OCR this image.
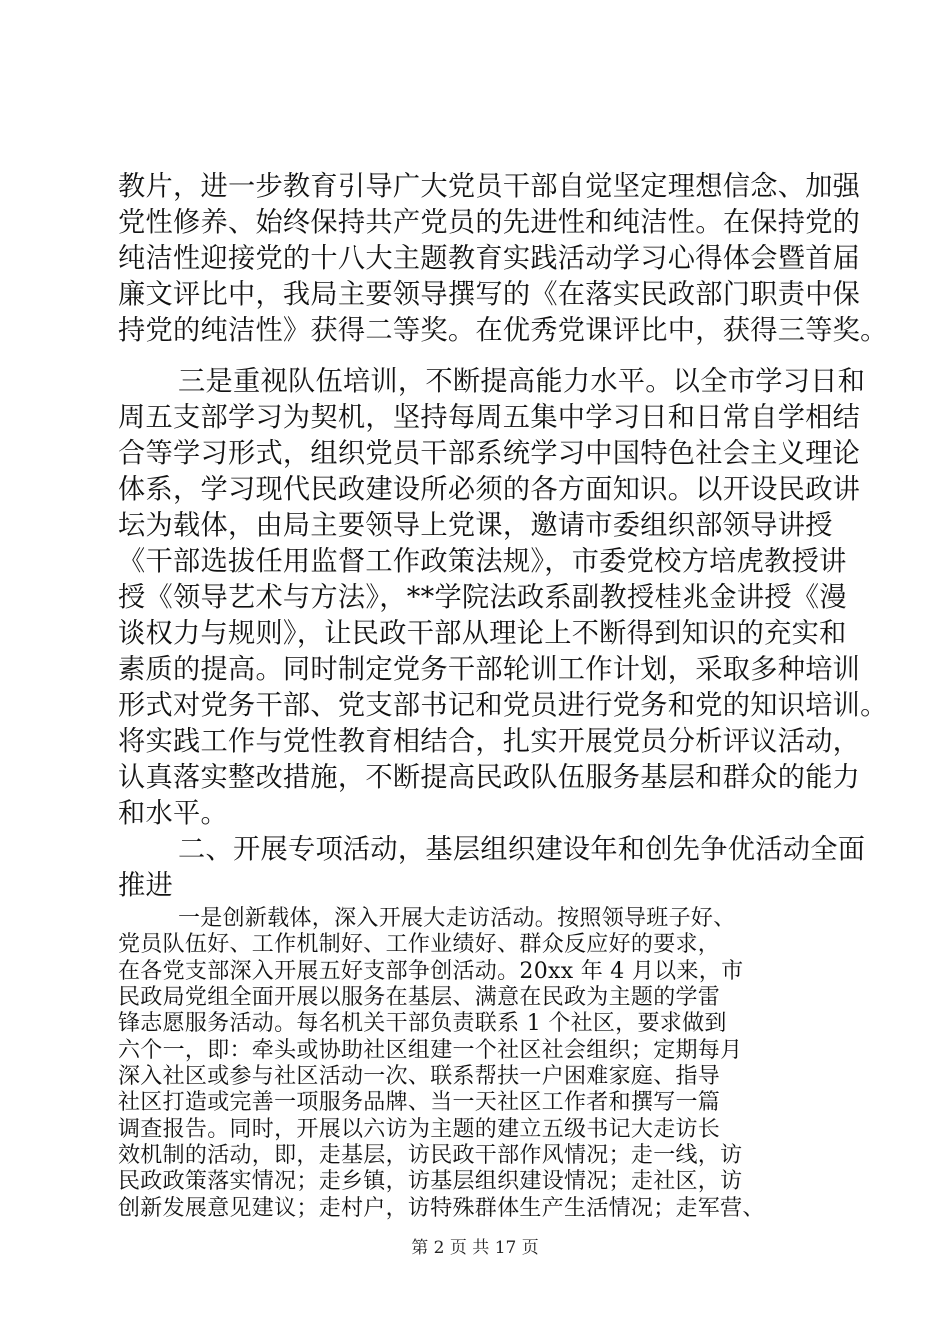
教片，进一步教育引导广大党员干部自觉坚定理想信念、加强
党性修养、始终保持共产党员的先进性和纯洁性。在保持党的
纯洁性迎接党的十八大主题教育实践活动学习心得体会暨首届
廉文评比中，我局主要领导撰写的《在落实民政部门职责中保
持党的纯洁性》获得二等奖。在优秀党课评比中，获得三等奖。
三是重视队伍培训，不断提高能力水平。以全市学习日和
周五支部学习为契机，坚持每周五集中学习日和日常自学相结
合等学习形式，组织党员干部系统学习中国特色社会主义理论
体系，学习现代民政建设所必须的各方面知识。以开设民政讲
坛为载体，由局主要领导上党课，邀请市委组织部领导讲授
《干部选拔任用监督工作政策法规》，市委党校方培虎教授讲
授《领导艺术与方法》，**学院法政系副教授桂兆金讲授《漫
谈权力与规则》，让民政干部从理论上不断得到知识的充实和
素质的提高。同时制定党务干部轮训工作计划，采取多种培训
形式对党务干部、党支部书记和党员进行党务和党的知识培训。
将实践工作与党性教育相结合，扎实开展党员分析评议活动，
认真落实整改措施，不断提高民政队伍服务基层和群众的能力
和水平。
二、开展专项活动，基层组织建设年和创先争优活动全面
推进
一是创新载体，深入开展大走访活动。按照领导班子好、
党员队伍好、工作机制好、工作业绩好、群众反应好的要求，
在各党支部深入开展五好支部争创活动。20xx 年 4 月以来，市
民政局党组全面开展以服务在基层、满意在民政为主题的学雷
锋志愿服务活动。每名机关干部负责联系 1 个社区，要求做到
六个一，即：牵头或协助社区组建一个社区社会组织；定期每月
深入社区或参与社区活动一次、联系帮扶一户困难家庭、指导
社区打造或完善一项服务品牌、当一天社区工作者和撰写一篇
调查报告。同时，开展以六访为主题的建立五级书记大走访长
效机制的活动，即，走基层，访民政干部作风情况；走一线，访
民政政策落实情况；走乡镇，访基层组织建设情况；走社区，访
创新发展意见建议；走村户，访特殊群体生产生活情况；走军营、
第 2 页 共 17 页
